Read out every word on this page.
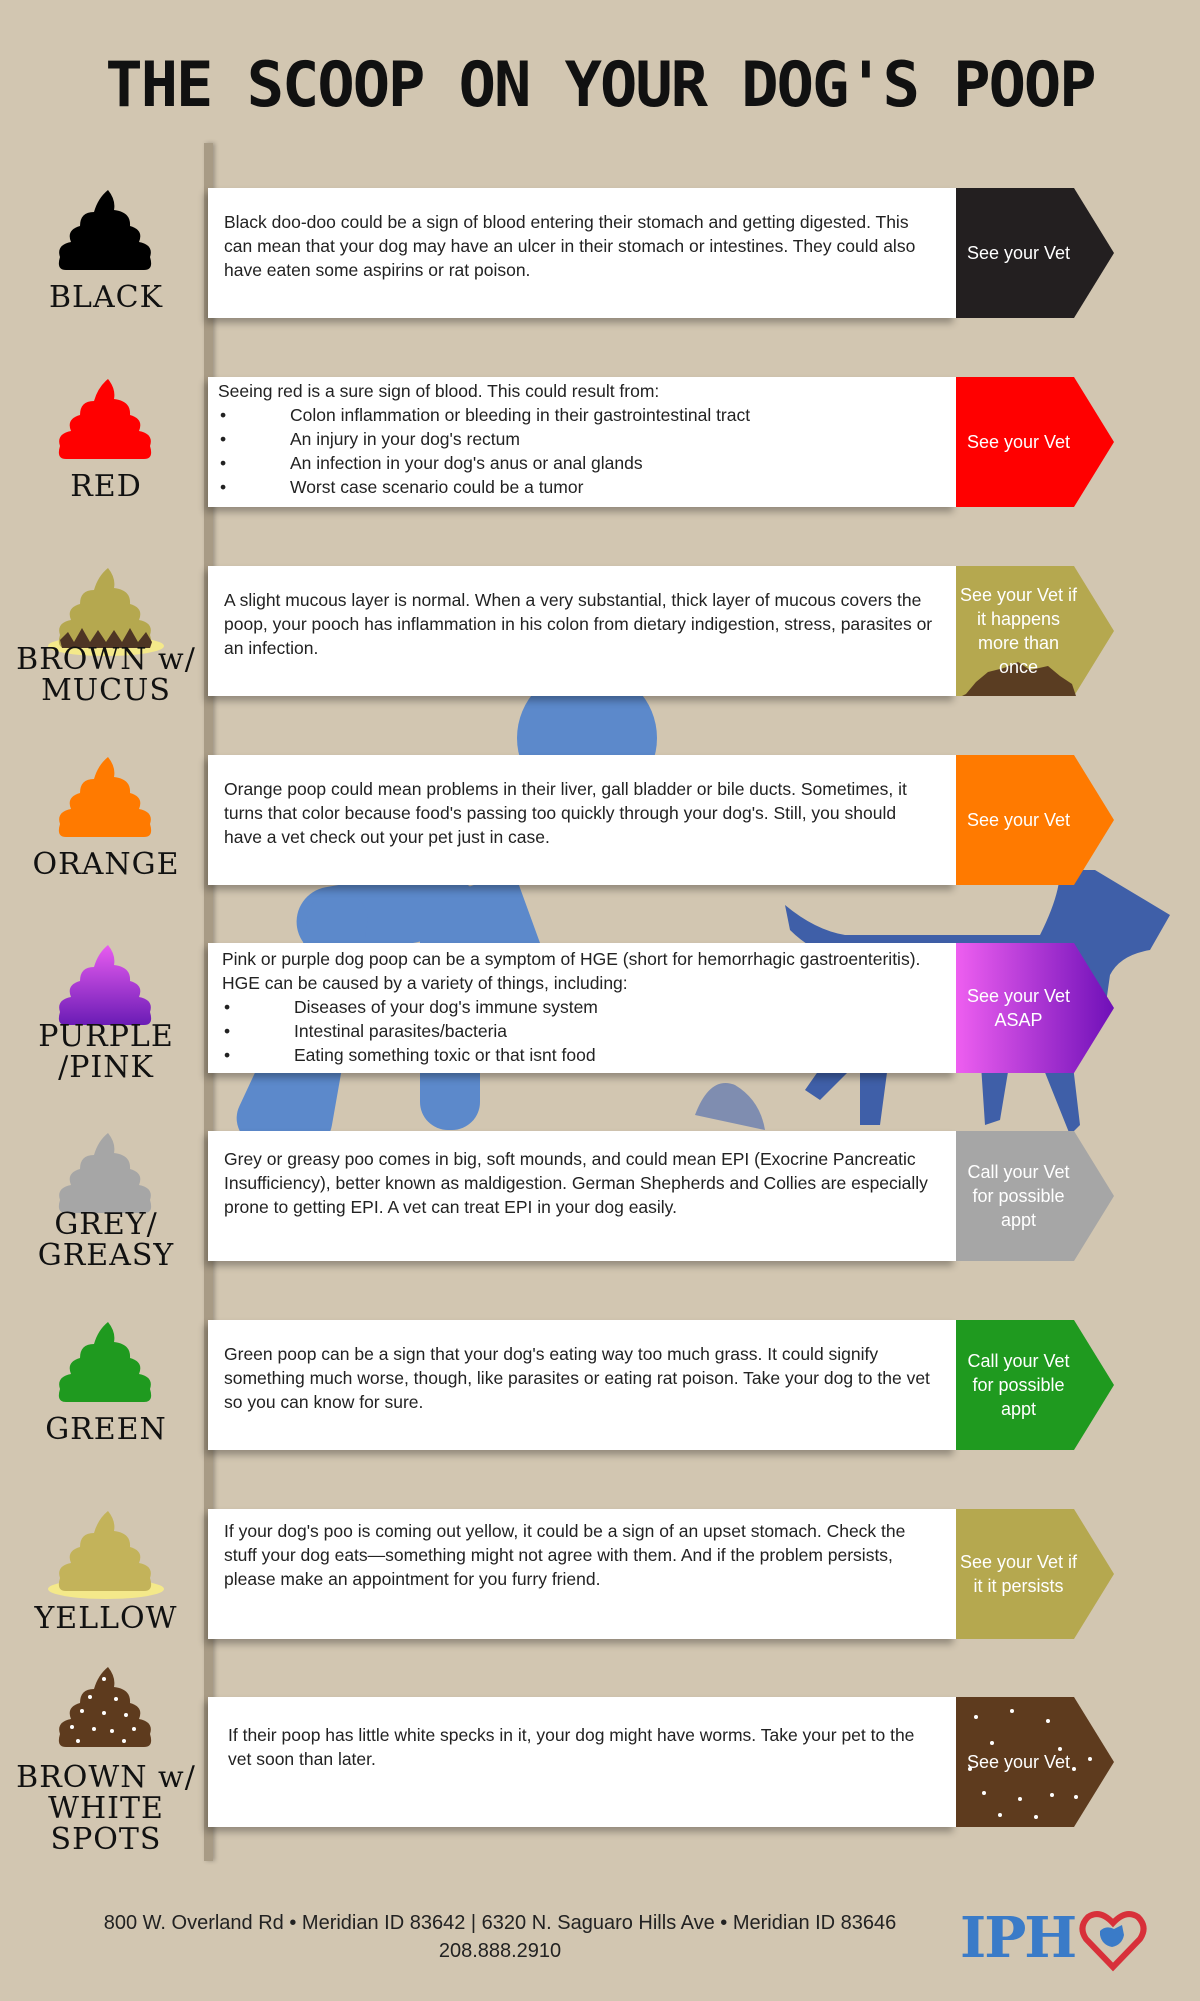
THE SCOOP ON YOUR DOG'S POOP
BLACK
Black doo-doo could be a sign of blood entering their stomach and getting digested. This can mean that your dog may have an ulcer in their stomach or intestines. They could also have eaten some aspirins or rat poison.
See your Vet
RED
Seeing red is a sure sign of blood. This could result from:
• Colon inflammation or bleeding in their gastrointestinal tract
• An injury in your dog's rectum
• An infection in your dog's anus or anal glands
• Worst case scenario could be a tumor
See your Vet
BROWN w/ MUCUS
A slight mucous layer is normal. When a very substantial, thick layer of mucous covers the poop, your pooch has inflammation in his colon from dietary indigestion, stress, parasites or an infection.
See your Vet if it happens more than once
ORANGE
Orange poop could mean problems in their liver, gall bladder or bile ducts. Sometimes, it turns that color because food's passing too quickly through your dog's. Still, you should have a vet check out your pet just in case.
See your Vet
PURPLE /PINK
Pink or purple dog poop can be a symptom of HGE (short for hemorrhagic gastroenteritis). HGE can be caused by a variety of things, including:
• Diseases of your dog's immune system
• Intestinal parasites/bacteria
• Eating something toxic or that isnt food
See your Vet ASAP
GREY/ GREASY
Grey or greasy poo comes in big, soft mounds, and could mean EPI (Exocrine Pancreatic Insufficiency), better known as maldigestion. German Shepherds and Collies are especially prone to getting EPI. A vet can treat EPI in your dog easily.
Call your Vet for possible appt
GREEN
Green poop can be a sign that your dog's eating way too much grass. It could signify something much worse, though, like parasites or eating rat poison. Take your dog to the vet so you can know for sure.
Call your Vet for possible appt
YELLOW
If your dog's poo is coming out yellow, it could be a sign of an upset stomach. Check the stuff your dog eats—something might not agree with them. And if the problem persists, please make an appointment for you furry friend.
See your Vet if it it persists
BROWN w/ WHITE SPOTS
If their poop has little white specks in it, your dog might have worms. Take your pet to the vet soon than later.	See your Vet
800 W. Overland Rd • Meridian ID 83642 | 6320 N. Saguaro Hills Ave • Meridian ID 83646
208.888.2910	IPH
